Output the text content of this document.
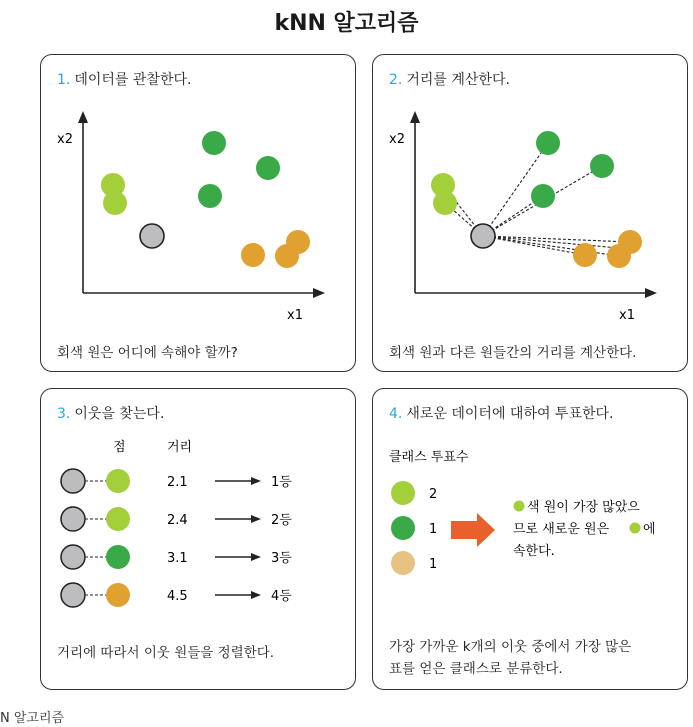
kNN 알고리즘
1. 데이터를 관찰한다.
x2
x1
회색 원은 어디에 속해야 할까?
2. 거리를 계산한다.
x2
x1
회색 원과 다른 원들간의 거리를 계산한다.
3. 이웃을 찾는다.
점	거리
2.1	1등
2.4	2등
3.1	3등
4.5	4등
거리에 따라서 이웃 원들을 정렬한다.
4. 새로운 데이터에 대하여 투표한다.
클래스 투표수
2
1
1
색 원이 가장 많았으
므로 새로운 원은	에
속한다.
가장 가까운 k개의 이웃 중에서 가장 많은
표를 얻은 클래스로 분류한다.
N 알고리즘
